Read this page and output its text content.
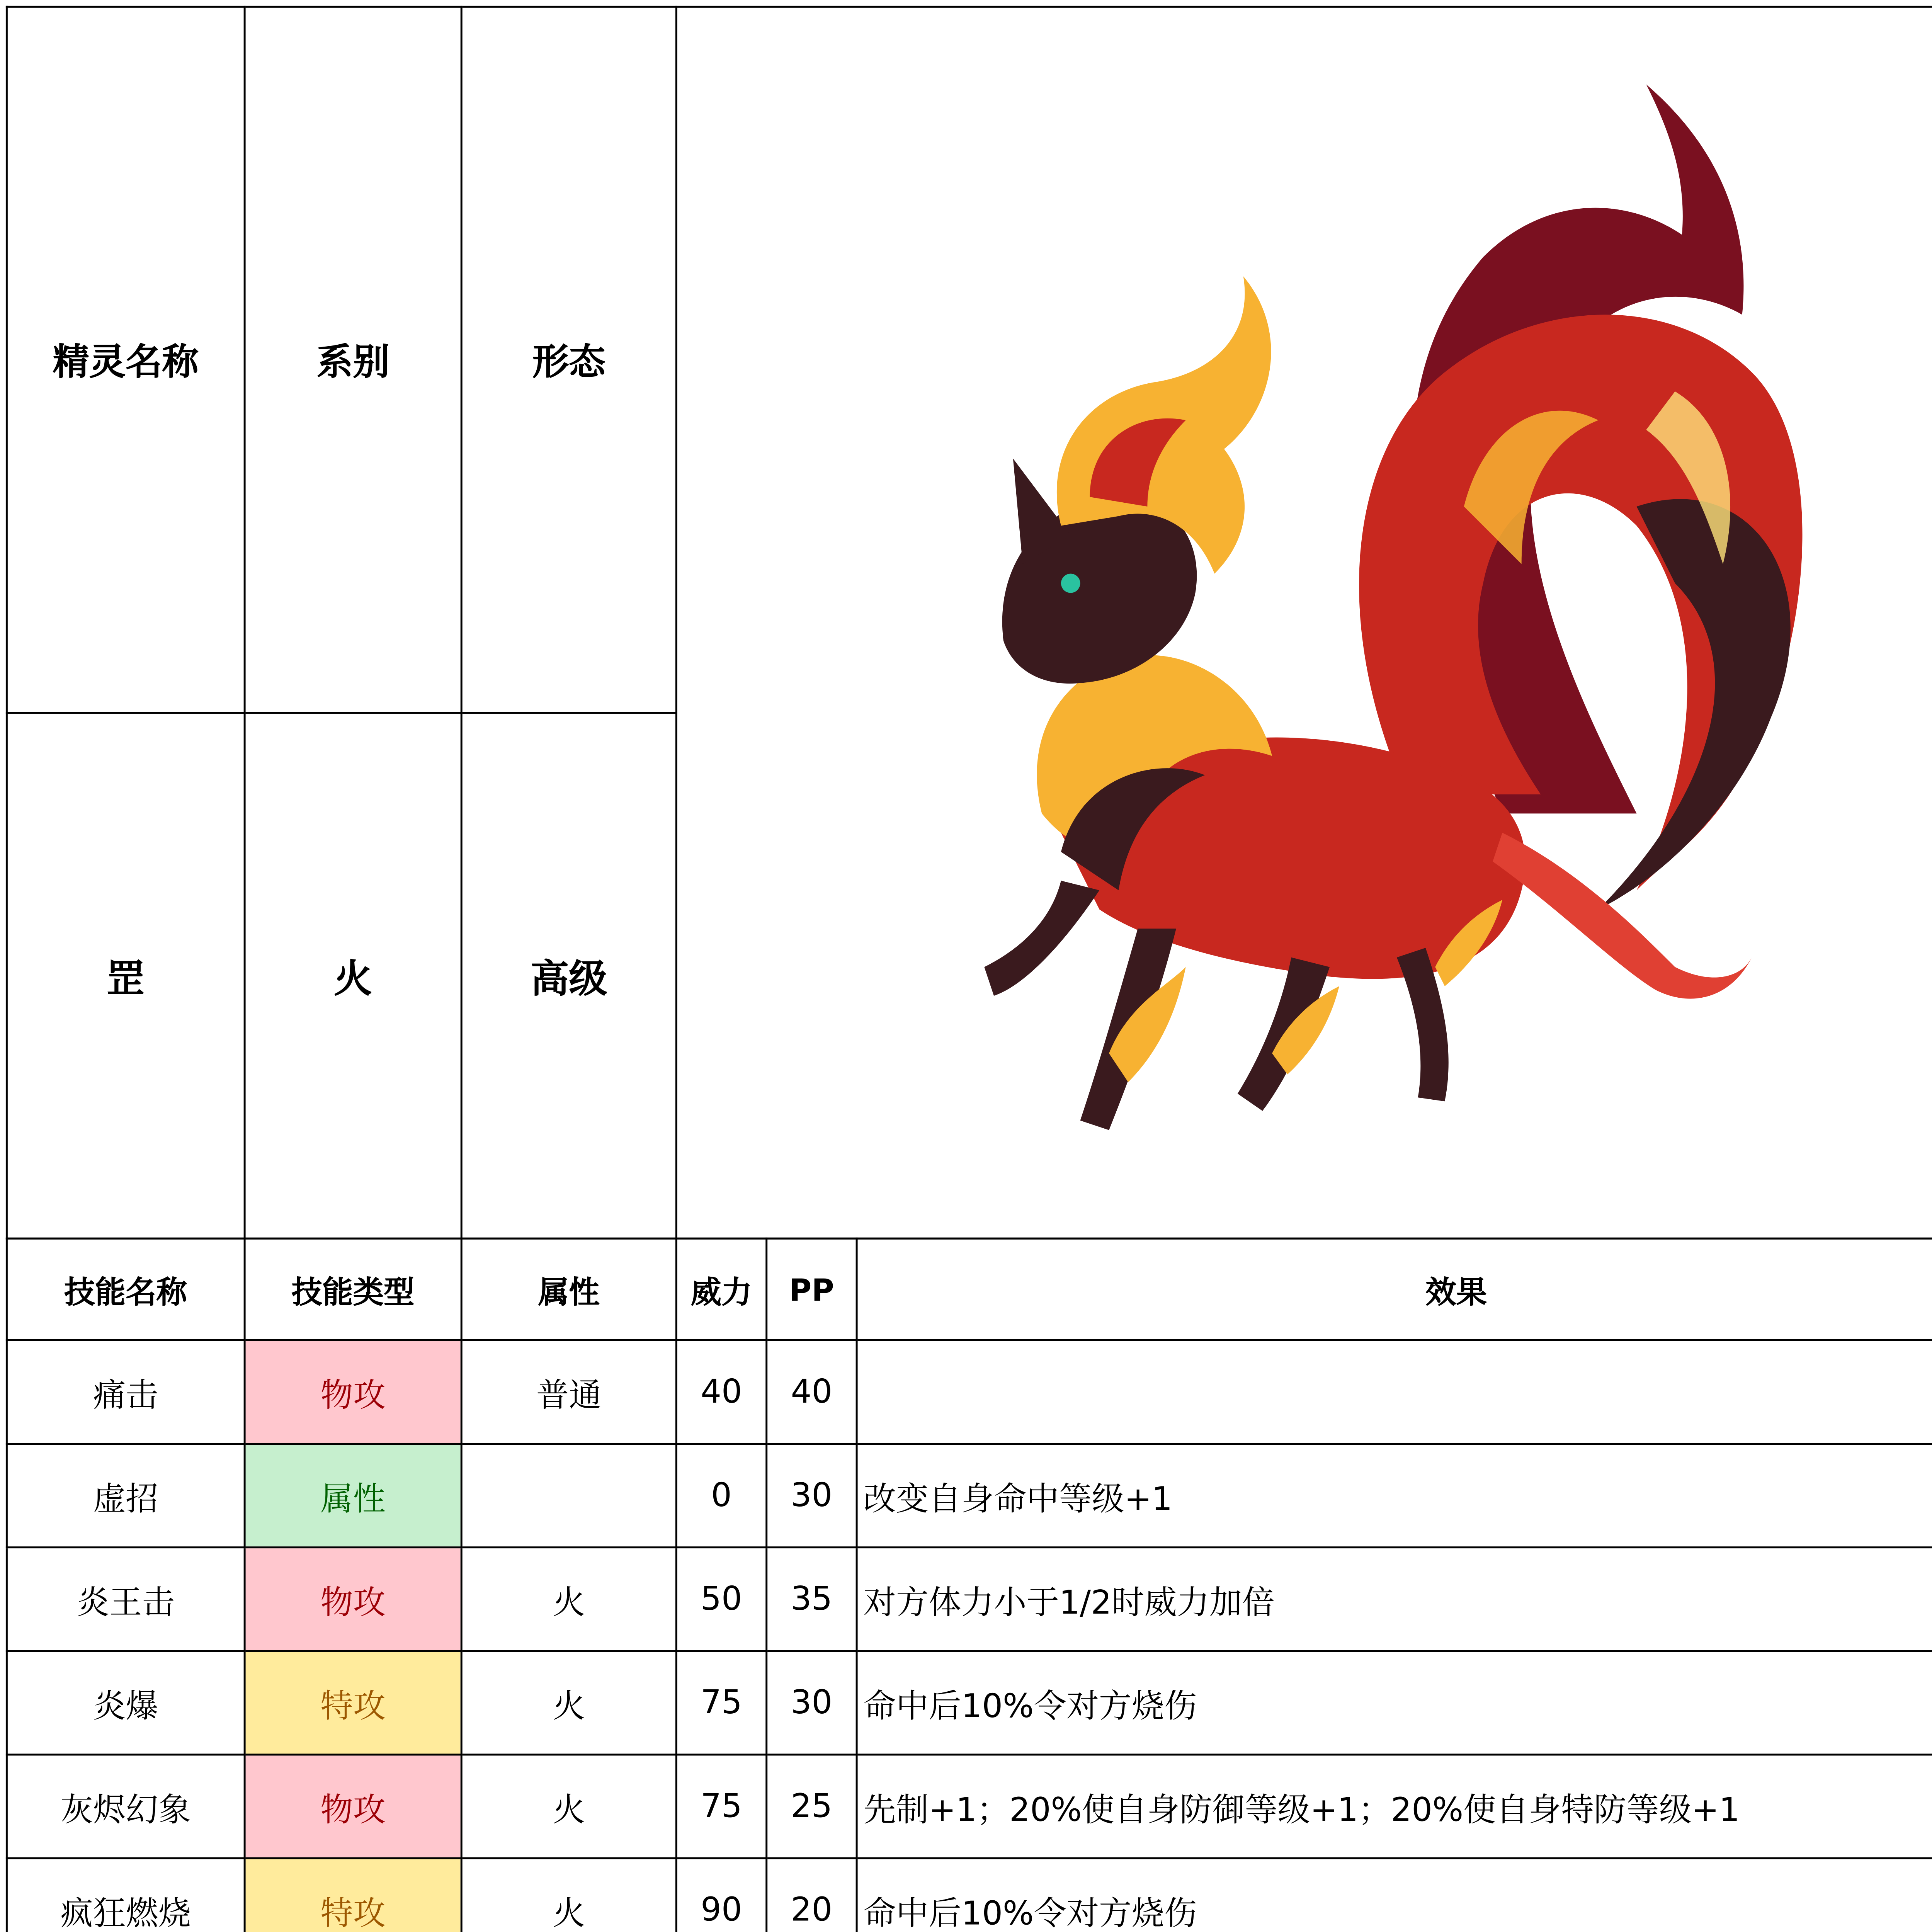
精灵名称	系别	形态	

罡	火	高级	
技能名称	技能类型	属性	威力	PP	效果
痛击	物攻	普通	40	40	
虚招	属性		0	30	改变自身命中等级+1
炎王击	物攻	火	50	35	对方体力小于1/2时威力加倍
炎爆	特攻	火	75	30	命中后10%令对方烧伤
灰烬幻象	物攻	火	75	25	先制+1；20%使自身防御等级+1；20%使自身特防等级+1
疯狂燃烧	特攻	火	90	20	命中后10%令对方烧伤
